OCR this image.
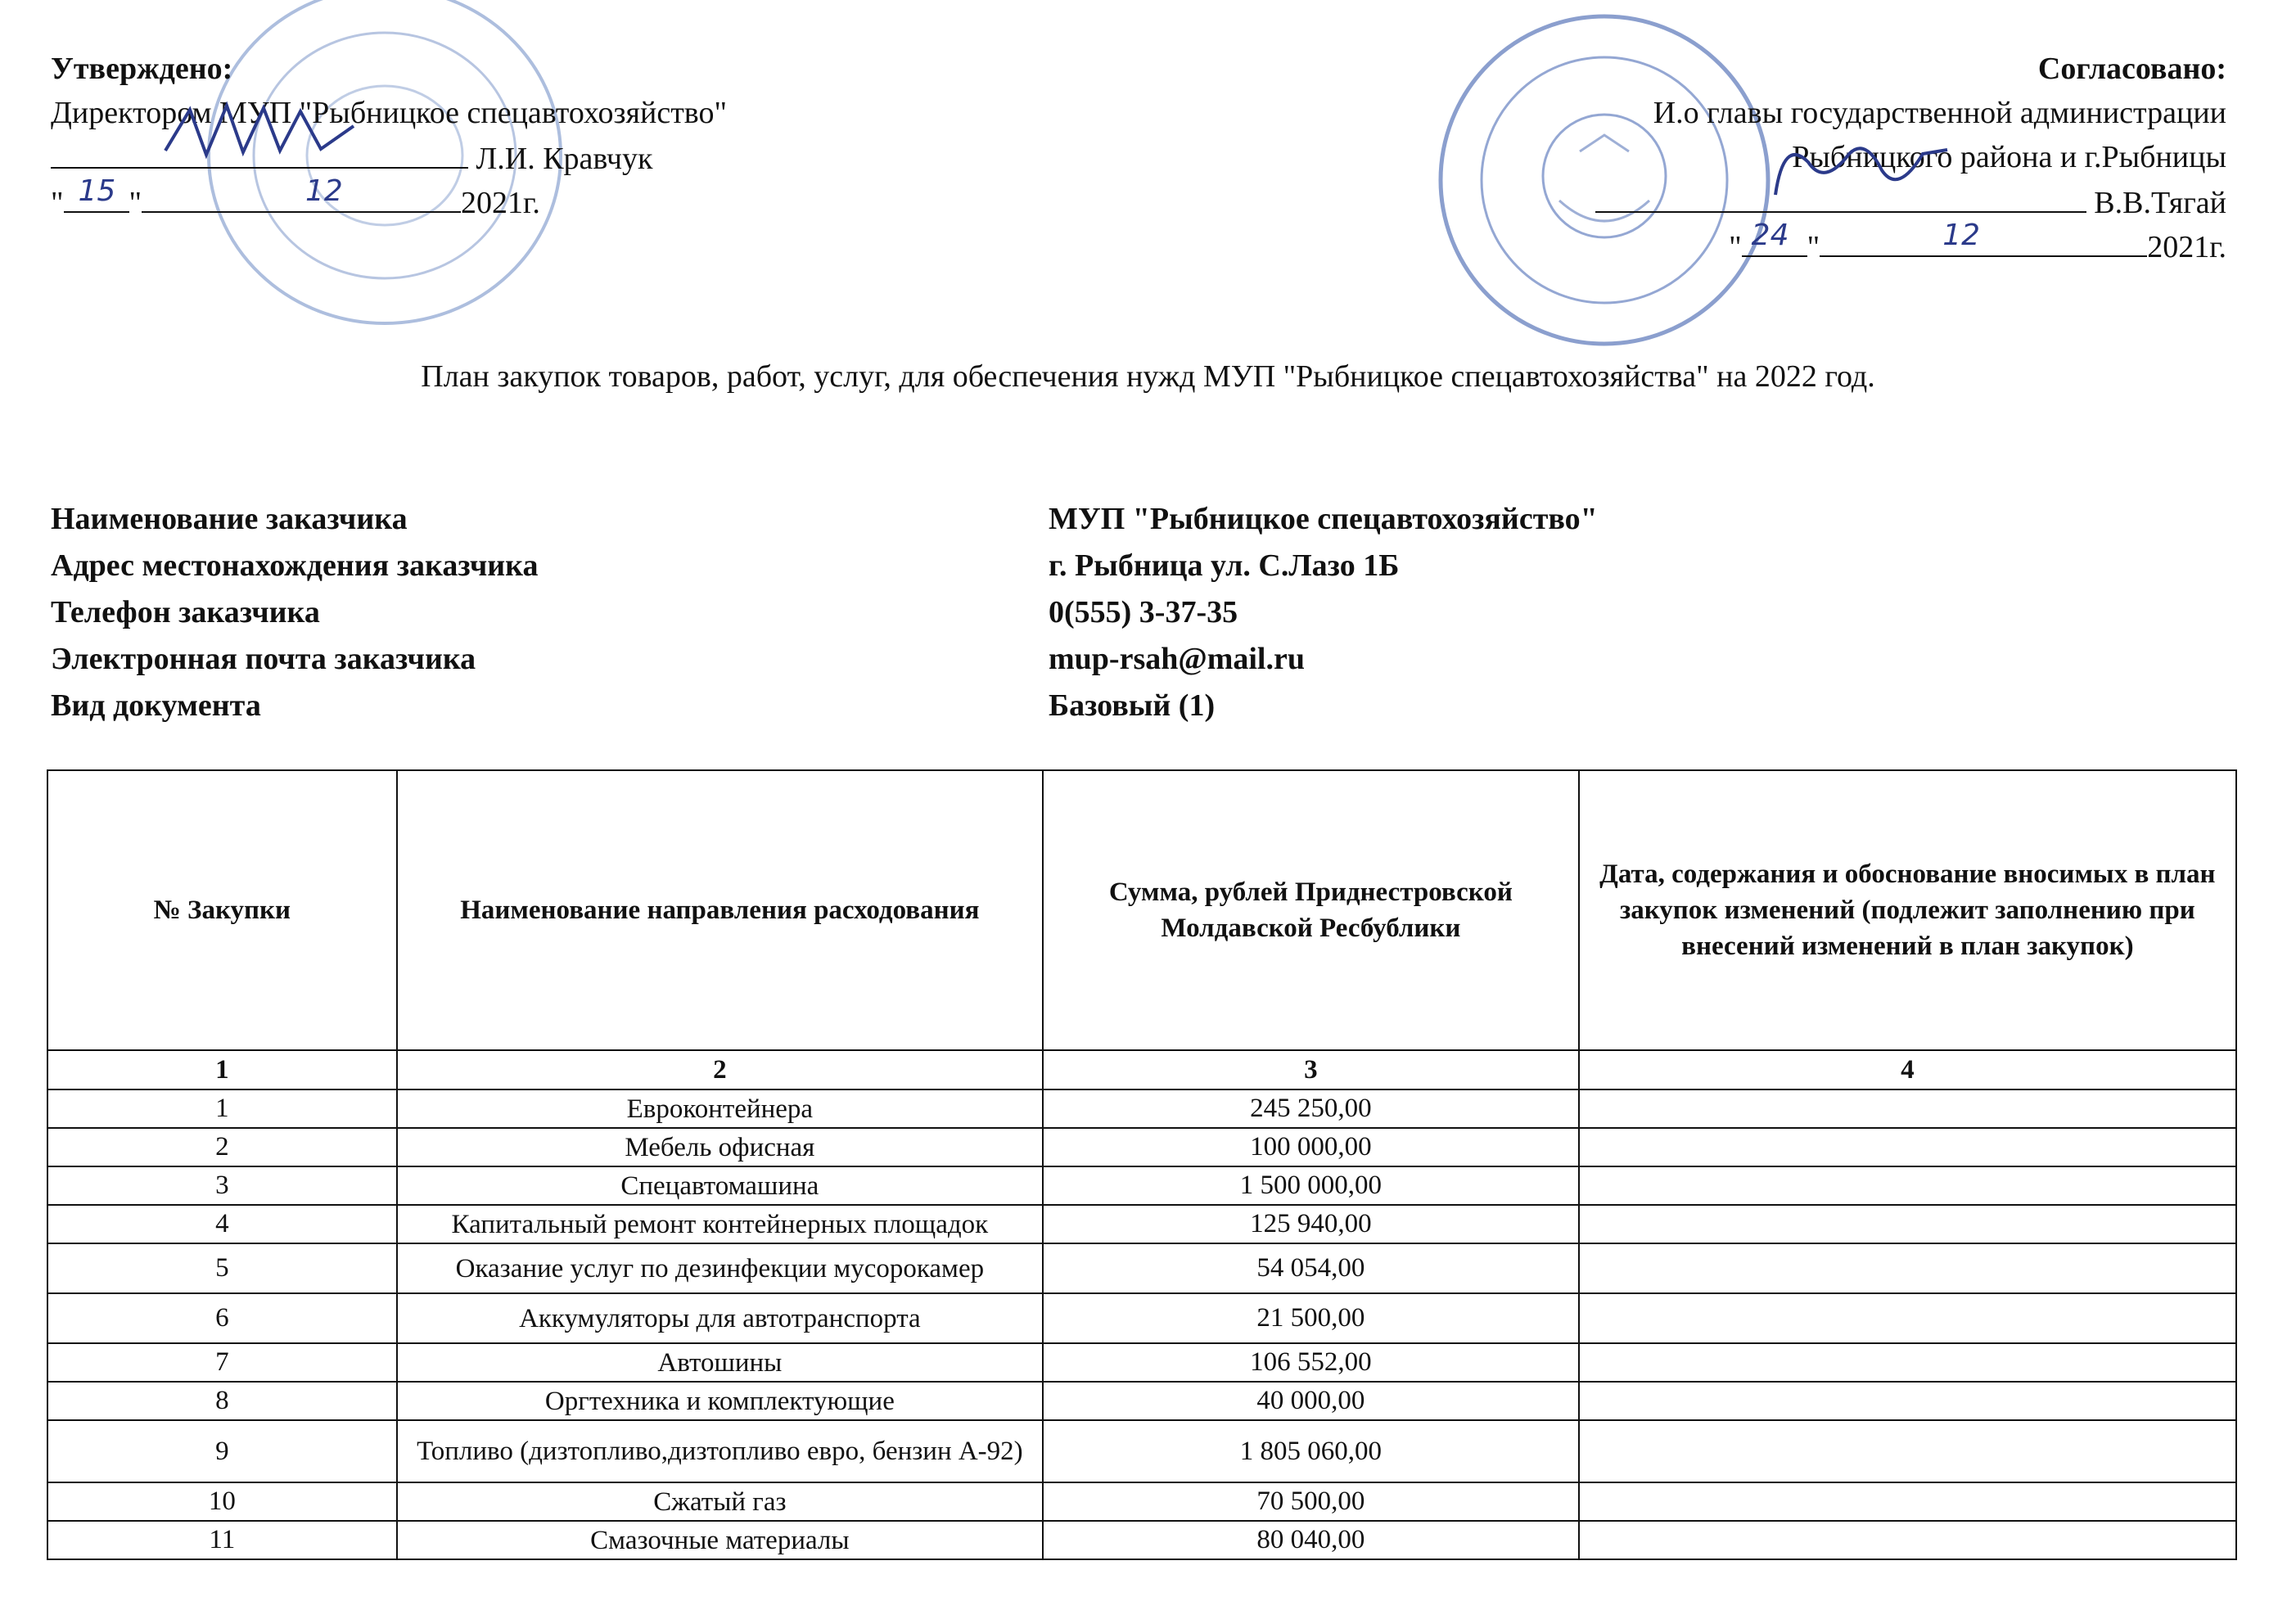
Утверждено:
Директором МУП "Рыбницкое спецавтохозяйство"
Л.И. Кравчук
" 15 "	12	2021г.
Согласовано:
И.о главы государственной администрации
Рыбницкого района и г.Рыбницы
В.В.Тягай
" 24 "	12	2021г.
План закупок товаров, работ, услуг, для обеспечения нужд МУП "Рыбницкое спецавтохозяйства" на 2022 год.
Наименование заказчика	МУП "Рыбницкое спецавтохозяйство"
Адрес местонахождения заказчика	г. Рыбница ул. С.Лазо 1Б
Телефон заказчика	0(555) 3-37-35
Электронная почта заказчика	mup-rsah@mail.ru
Вид документа	Базовый (1)
№ Закупки	Наименование направления расходования	Сумма, рублей Приднестровской Молдавской Ресбублики	Дата, содержания и обоснование вносимых в план закупок изменений (подлежит заполнению при внесений изменений в план закупок)
1	2	3	4
1	Евроконтейнера	245 250,00	
2	Мебель офисная	100 000,00	
3	Спецавтомашина	1 500 000,00	
4	Капитальный ремонт контейнерных площадок	125 940,00	
5	Оказание услуг по дезинфекции мусорокамер	54 054,00	
6	Аккумуляторы для автотранспорта	21 500,00	
7	Автошины	106 552,00	
8	Оргтехника и комплектующие	40 000,00	
9	Топливо (дизтопливо,дизтопливо евро, бензин А-92)	1 805 060,00	
10	Сжатый газ	70 500,00	
11	Смазочные материалы	80 040,00	
